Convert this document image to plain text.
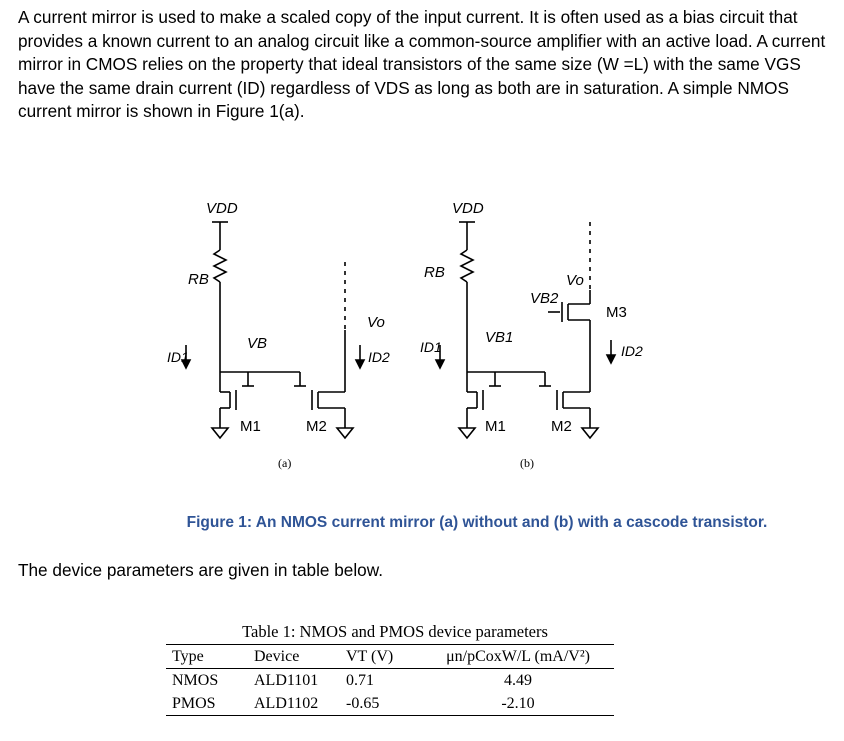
A current mirror is used to make a scaled copy of the input current. It is often used as a bias circuit that provides a known current to an analog circuit like a common-source amplifier with an active load. A current mirror in CMOS relies on the property that ideal transistors of the same size (W =L) with the same VGS have the same drain current (ID) regardless of VDS as long as both are in saturation. A simple NMOS current mirror is shown in Figure 1(a).

VDD
RB
VB
Vo
ID1	ID2
M1	M2
(a)
VDD
RB
VB1
VB2
Vo
ID1	ID2
M1	M2
M3
(b)
Figure 1: An NMOS current mirror (a) without and (b) with a cascode transistor.

The device parameters are given in table below.

Table 1: NMOS and PMOS device parameters
Type	Device	VT (V)	μn/pCoxW/L (mA/V²)
NMOS	ALD1101	0.71	4.49
PMOS	ALD1102	-0.65	-2.10
